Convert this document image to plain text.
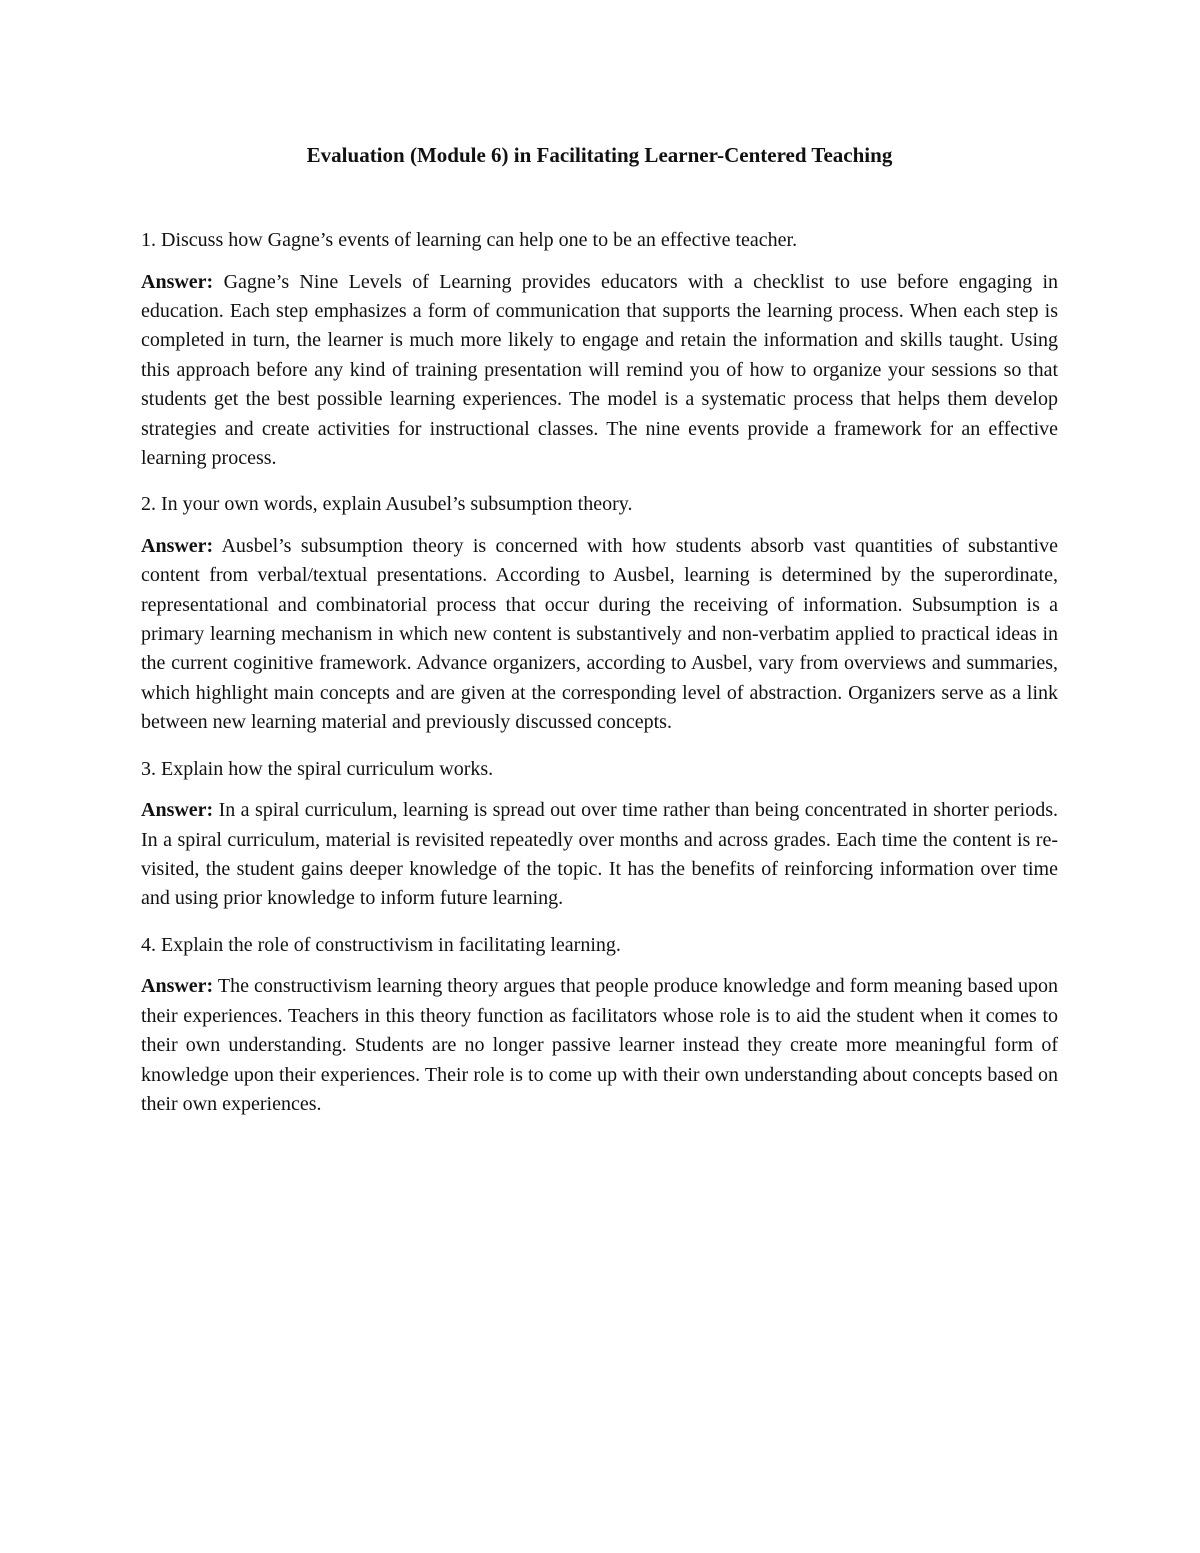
Evaluation (Module 6) in Facilitating Learner-Centered Teaching

1. Discuss how Gagne’s events of learning can help one to be an effective teacher.

Answer: Gagne’s Nine Levels of Learning provides educators with a checklist to use before engaging in education. Each step emphasizes a form of communication that supports the learning process. When each step is completed in turn, the learner is much more likely to engage and retain the information and skills taught. Using this approach before any kind of training presentation will remind you of how to organize your sessions so that students get the best possible learning experiences. The model is a systematic process that helps them develop strategies and create activities for instructional classes. The nine events provide a framework for an effective learning process.

2. In your own words, explain Ausubel’s subsumption theory.

Answer: Ausbel’s subsumption theory is concerned with how students absorb vast quantities of substantive content from verbal/textual presentations. According to Ausbel, learning is determined by the superordinate, representational and combinatorial process that occur during the receiving of information. Subsumption is a primary learning mechanism in which new content is substantively and non-verbatim applied to practical ideas in the current coginitive framework. Advance organizers, according to Ausbel, vary from overviews and summaries, which highlight main concepts and are given at the corresponding level of abstraction. Organizers serve as a link between new learning material and previously discussed concepts.

3. Explain how the spiral curriculum works.

Answer: In a spiral curriculum, learning is spread out over time rather than being concentrated in shorter periods. In a spiral curriculum, material is revisited repeatedly over months and across grades. Each time the content is re-visited, the student gains deeper knowledge of the topic. It has the benefits of reinforcing information over time and using prior knowledge to inform future learning.

4. Explain the role of constructivism in facilitating learning.

Answer: The constructivism learning theory argues that people produce knowledge and form meaning based upon their experiences. Teachers in this theory function as facilitators whose role is to aid the student when it comes to their own understanding. Students are no longer passive learner instead they create more meaningful form of knowledge upon their experiences. Their role is to come up with their own understanding about concepts based on their own experiences.
